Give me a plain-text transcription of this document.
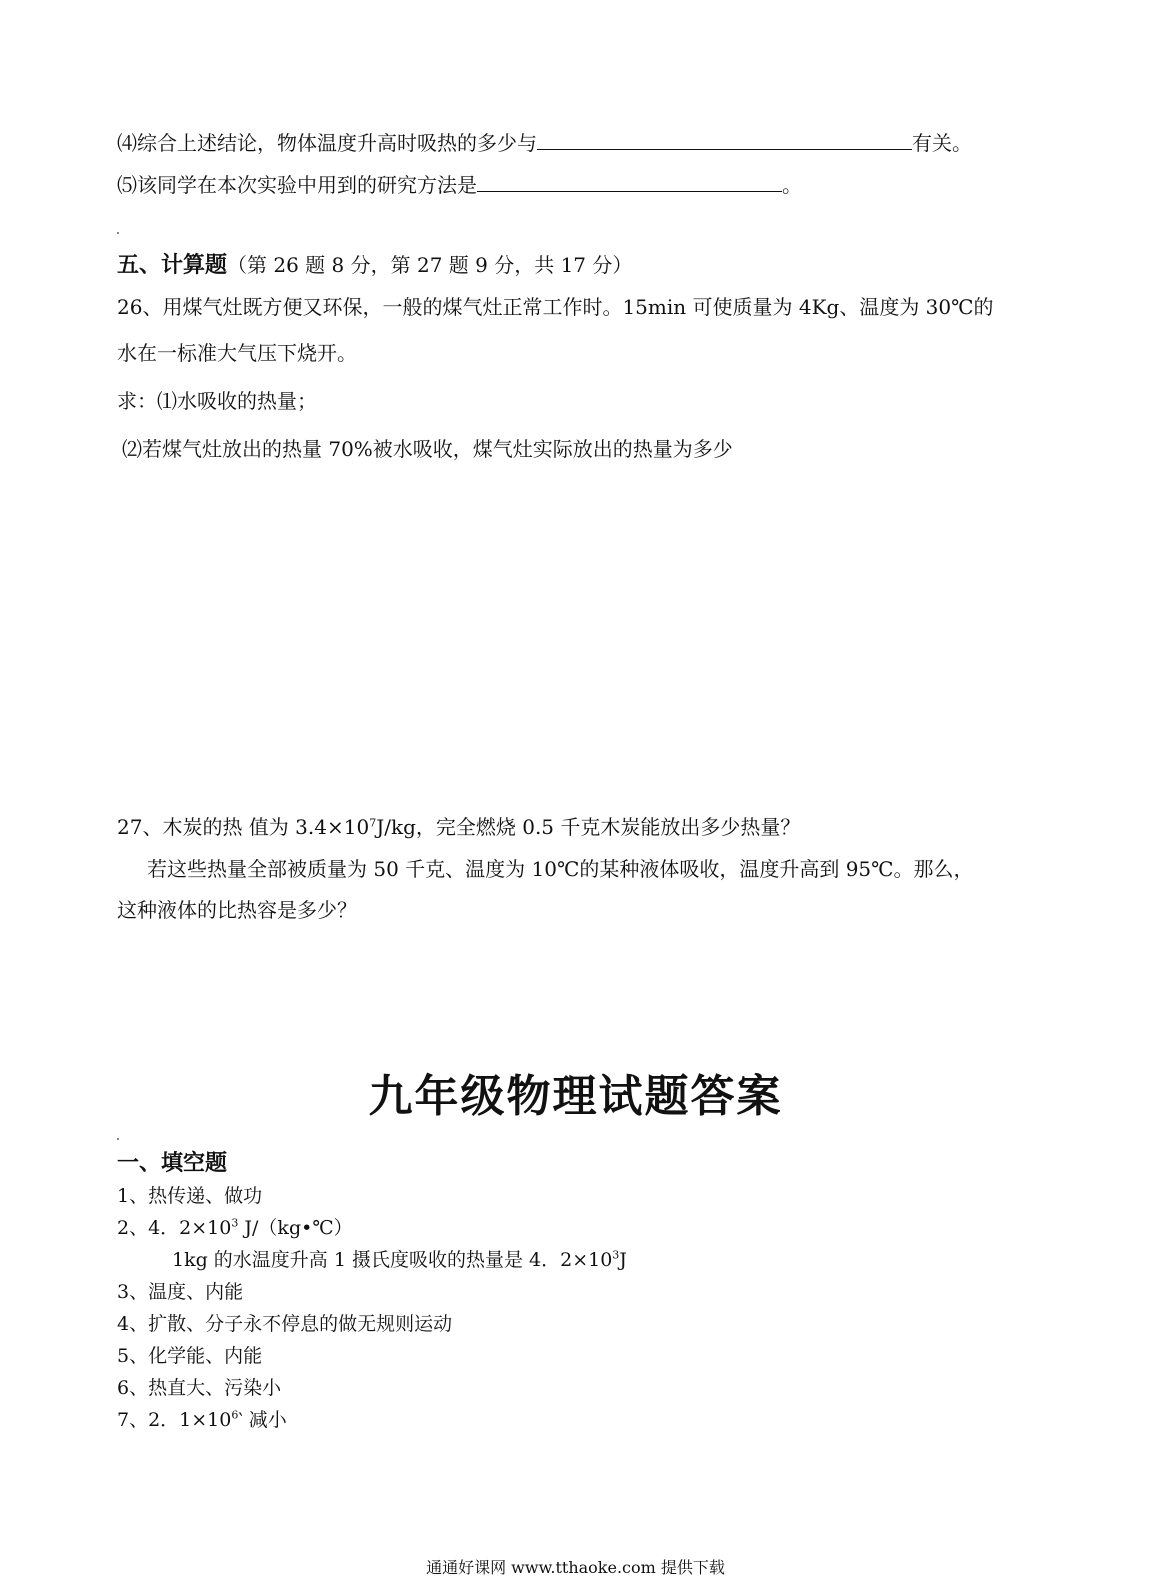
⑷综合上述结论，物体温度升高时吸热的多少与	有关。
⑸该同学在本次实验中用到的研究方法是	。
五、计算题（第 26 题 8 分，第 27 题 9 分，共 17 分）
26、用煤气灶既方便又环保，一般的煤气灶正常工作时。15min 可使质量为 4Kg、温度为 30℃的
水在一标准大气压下烧开。
求：⑴水吸收的热量；
⑵若煤气灶放出的热量 70%被水吸收，煤气灶实际放出的热量为多少
27、木炭的热 值为 $3.4\times 10^7J/kg$，完全燃烧 0.5 千克木炭能放出多少热量？
若这些热量全部被质量为 50 千克、温度为 10℃的某种液体吸收，温度升高到 95℃。那么，
这种液体的比热容是多少？
九年级物理试题答案
一、填空题
1、热传递、做功
2、4．$2\times 10^3$ J/（kg•℃）
1kg 的水温度升高 1 摄氏度吸收的热量是 4．$2\times 10^3J$
3、温度、内能
4、扩散、分子永不停息的做无规则运动
5、化学能、内能
6、热直大、污染小
7、2．$1\times 10^6‵$ 减小
通通好课网 www.tthaoke.com 提供下载
